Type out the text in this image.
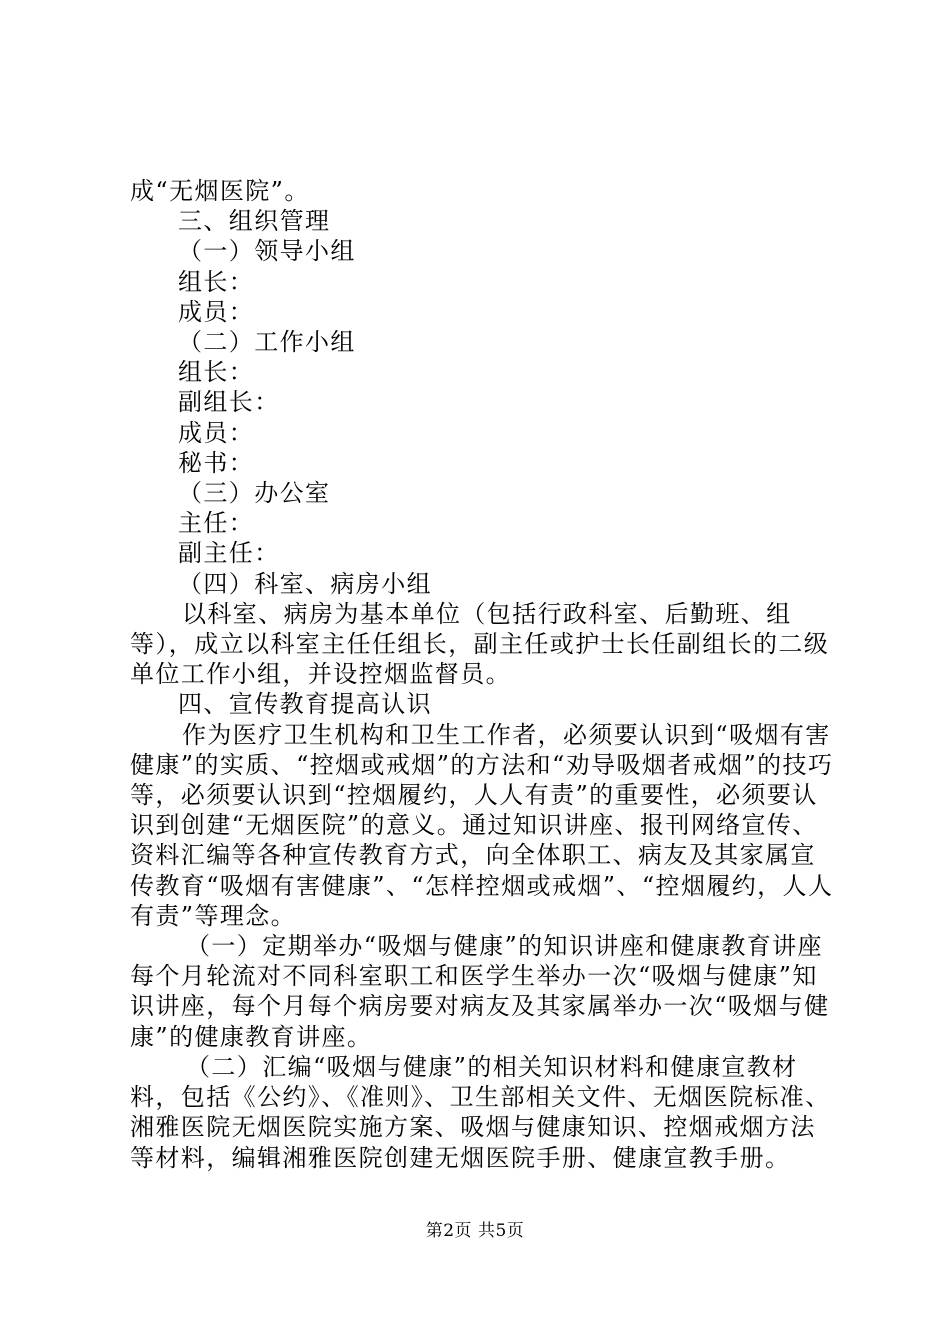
成“无烟医院”。

三、组织管理

（一）领导小组

组长：

成员：

（二）工作小组

组长：

副组长：

成员：

秘书：

（三）办公室

主任：

副主任：

（四）科室、病房小组

以科室、病房为基本单位（包括行政科室、后勤班、组等），成立以科室主任任组长，副主任或护士长任副组长的二级单位工作小组，并设控烟监督员。

四、宣传教育提高认识

作为医疗卫生机构和卫生工作者，必须要认识到“吸烟有害健康”的实质、“控烟或戒烟”的方法和“劝导吸烟者戒烟”的技巧等，必须要认识到“控烟履约，人人有责”的重要性，必须要认识到创建“无烟医院”的意义。通过知识讲座、报刊网络宣传、资料汇编等各种宣传教育方式，向全体职工、病友及其家属宣传教育“吸烟有害健康”、“怎样控烟或戒烟”、“控烟履约，人人有责”等理念。

（一）定期举办“吸烟与健康”的知识讲座和健康教育讲座每个月轮流对不同科室职工和医学生举办一次“吸烟与健康”知识讲座，每个月每个病房要对病友及其家属举办一次“吸烟与健康”的健康教育讲座。

（二）汇编“吸烟与健康”的相关知识材料和健康宣教材料，包括《公约》、《准则》、卫生部相关文件、无烟医院标准、湘雅医院无烟医院实施方案、吸烟与健康知识、控烟戒烟方法等材料，编辑湘雅医院创建无烟医院手册、健康宣教手册。

第2页 共5页
